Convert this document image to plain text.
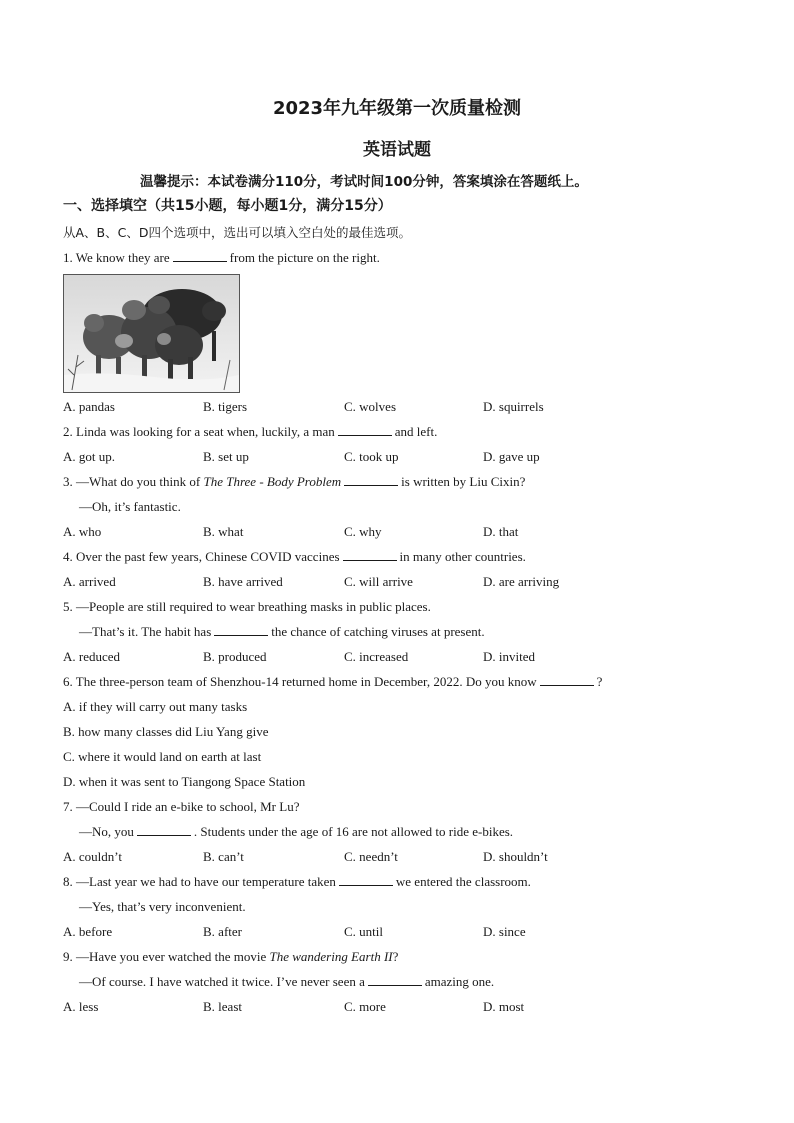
2023年九年级第一次质量检测
英语试题
温馨提示：本试卷满分110分，考试时间100分钟，答案填涂在答题纸上。
一、选择填空（共15小题，每小题1分，满分15分）
从A、B、C、D四个选项中，选出可以填入空白处的最佳选项。
1. We know they are	from the picture on the right.
A. pandas	B. tigers	C. wolves	D. squirrels
2. Linda was looking for a seat when, luckily, a man	and left.
A. got up.	B. set up	C. took up	D. gave up
3. —What do you think of The Three - Body Problem	is written by Liu Cixin?
—Oh, it’s fantastic.
A. who	B. what	C. why	D. that
4. Over the past few years, Chinese COVID vaccines	in many other countries.
A. arrived	B. have arrived	C. will arrive	D. are arriving
5. —People are still required to wear breathing masks in public places.
—That’s it. The habit has	the chance of catching viruses at present.
A. reduced	B. produced	C. increased	D. invited
6. The three-person team of Shenzhou-14 returned home in December, 2022. Do you know	?
A. if they will carry out many tasks
B. how many classes did Liu Yang give
C. where it would land on earth at last
D. when it was sent to Tiangong Space Station
7. —Could I ride an e-bike to school, Mr Lu?
—No, you	. Students under the age of 16 are not allowed to ride e-bikes.
A. couldn’t	B. can’t	C. needn’t	D. shouldn’t
8. —Last year we had to have our temperature taken	we entered the classroom.
—Yes, that’s very inconvenient.
A. before	B. after	C. until	D. since
9. —Have you ever watched the movie The wandering Earth II?
—Of course. I have watched it twice. I’ve never seen a	amazing one.
A. less	B. least	C. more	D. most
